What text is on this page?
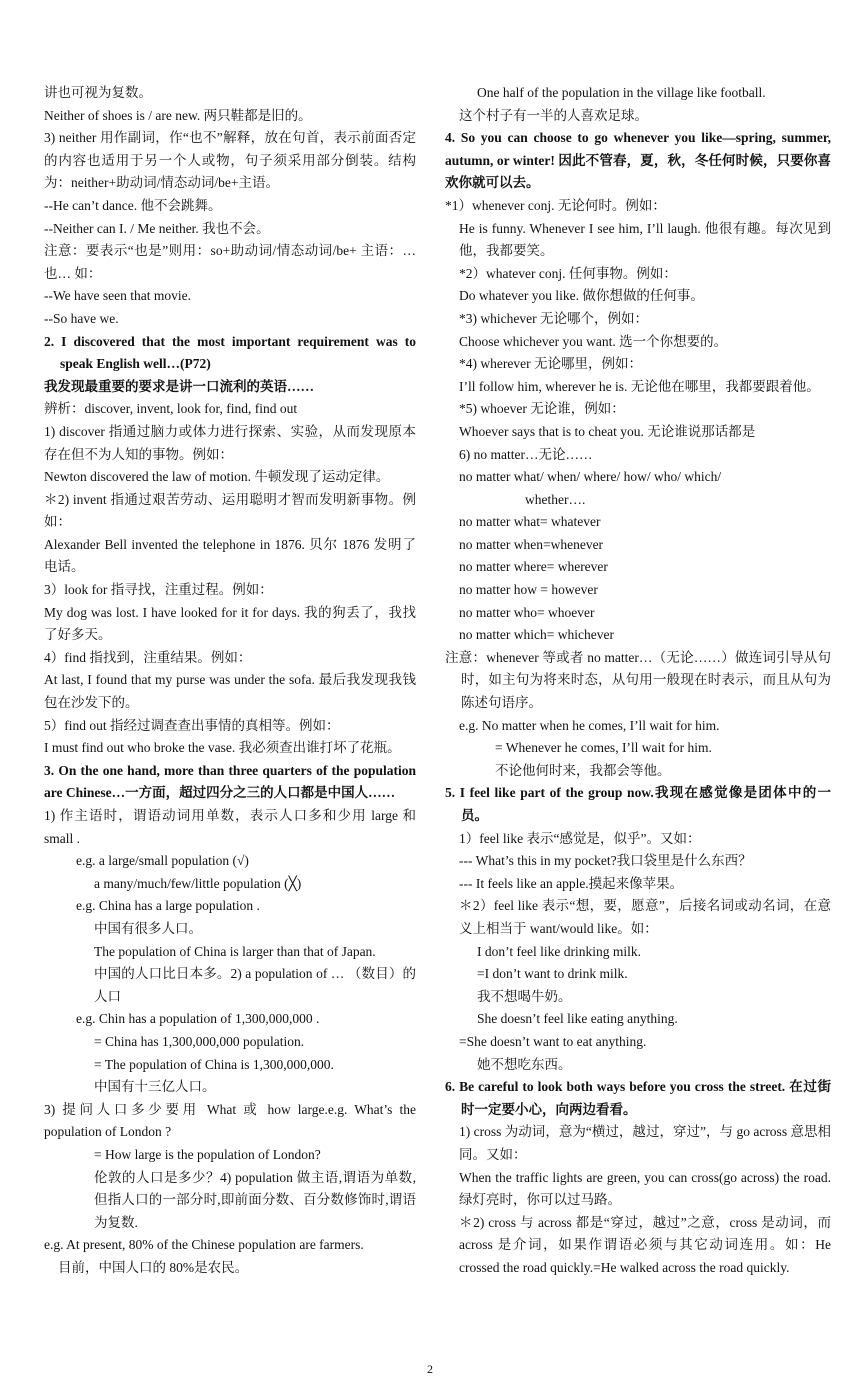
讲也可视为复数。
Neither of shoes is / are new. 两只鞋都是旧的。
3) neither 用作副词，作“也不”解释，放在句首，表示前面否定的内容也适用于另一个人或物，句子须采用部分倒装。结构为：neither+助动词/情态动词/be+主语。
--He can’t dance. 他不会跳舞。
--Neither can I. / Me neither. 我也不会。
注意：要表示“也是”则用：so+助动词/情态动词/be+ 主语：…也… 如：
--We have seen that movie.
--So have we.
2. I discovered that the most important requirement was to speak English well…(P72)
我发现最重要的要求是讲一口流利的英语……
辨析：discover, invent, look for, find, find out
1) discover 指通过脑力或体力进行探索、实验，从而发现原本存在但不为人知的事物。例如：
Newton discovered the law of motion. 牛顿发现了运动定律。
＊2) invent 指通过艰苦劳动、运用聪明才智而发明新事物。例如：
Alexander Bell invented the telephone in 1876. 贝尔 1876 发明了电话。
3）look for 指寻找，注重过程。例如：
My dog was lost. I have looked for it for days. 我的狗丢了，我找了好多天。
4）find 指找到，注重结果。例如：
At last, I found that my purse was under the sofa. 最后我发现我钱包在沙发下的。
5）find out 指经过调查查出事情的真相等。例如：
I must find out who broke the vase. 我必须查出谁打坏了花瓶。
3. On the one hand, more than three quarters of the population are Chinese…一方面，超过四分之三的人口都是中国人……
1) 作主语时，谓语动词用单数，表示人口多和少用 large 和 small .
e.g. a large/small population (√)
a many/much/few/little population (╳)
e.g. China has a large population .
中国有很多人口。
The population of China is larger than that of Japan.
中国的人口比日本多。2) a population of … （数目）的人口
e.g. Chin has a population of 1,300,000,000 .
= China has 1,300,000,000 population.
= The population of China is 1,300,000,000.
中国有十三亿人口。
3) 提问人口多少要用 What 或 how large.e.g. What’s the population of London ?
= How large is the population of London?
伦敦的人口是多少？4) population 做主语,谓语为单数,但指人口的一部分时,即前面分数、百分数修饰时,谓语为复数.
e.g. At present, 80% of the Chinese population are farmers.
目前，中国人口的 80%是农民。
One half of the population in the village like football.
这个村子有一半的人喜欢足球。
4. So you can choose to go whenever you like—spring, summer, autumn, or winter! 因此不管春，夏，秋，冬任何时候，只要你喜欢你就可以去。
*1）whenever conj. 无论何时。例如：
He is funny. Whenever I see him, I’ll laugh. 他很有趣。每次见到他，我都要笑。
*2）whatever conj. 任何事物。例如：
Do whatever you like. 做你想做的任何事。
*3) whichever 无论哪个，例如：
Choose whichever you want. 选一个你想要的。
*4) wherever 无论哪里，例如：
I’ll follow him, wherever he is. 无论他在哪里，我都要跟着他。
*5) whoever 无论谁，例如：
Whoever says that is to cheat you. 无论谁说那话都是
6) no matter…无论……
no matter what/ when/ where/ how/ who/ which/
whether….
no matter what= whatever
no matter when=whenever
no matter where= wherever
no matter how = however
no matter who= whoever
no matter which= whichever
注意：whenever 等或者 no matter…（无论……）做连词引导从句时，如主句为将来时态，从句用一般现在时表示，而且从句为陈述句语序。
e.g. No matter when he comes, I’ll wait for him.
= Whenever he comes, I’ll wait for him.
不论他何时来，我都会等他。
5. I feel like part of the group now.我现在感觉像是团体中的一员。
1）feel like 表示“感觉是，似乎”。又如：
--- What’s this in my pocket?我口袋里是什么东西？
--- It feels like an apple.摸起来像苹果。
＊2）feel like 表示“想，要，愿意”，后接名词或动名词，在意义上相当于 want/would like。如：
I don’t feel like drinking milk.
=I don’t want to drink milk.
我不想喝牛奶。
She doesn’t feel like eating anything.
=She doesn’t want to eat anything.
她不想吃东西。
6. Be careful to look both ways before you cross the street. 在过街时一定要小心，向两边看看。
1) cross 为动词，意为“横过，越过，穿过”，与 go across 意思相同。又如：
When the traffic lights are green, you can cross(go across) the road. 绿灯亮时，你可以过马路。
＊2) cross 与 across 都是“穿过，越过”之意，cross 是动词，而 across 是介词，如果作谓语必须与其它动词连用。如：He crossed the road quickly.=He walked across the road quickly.
2
